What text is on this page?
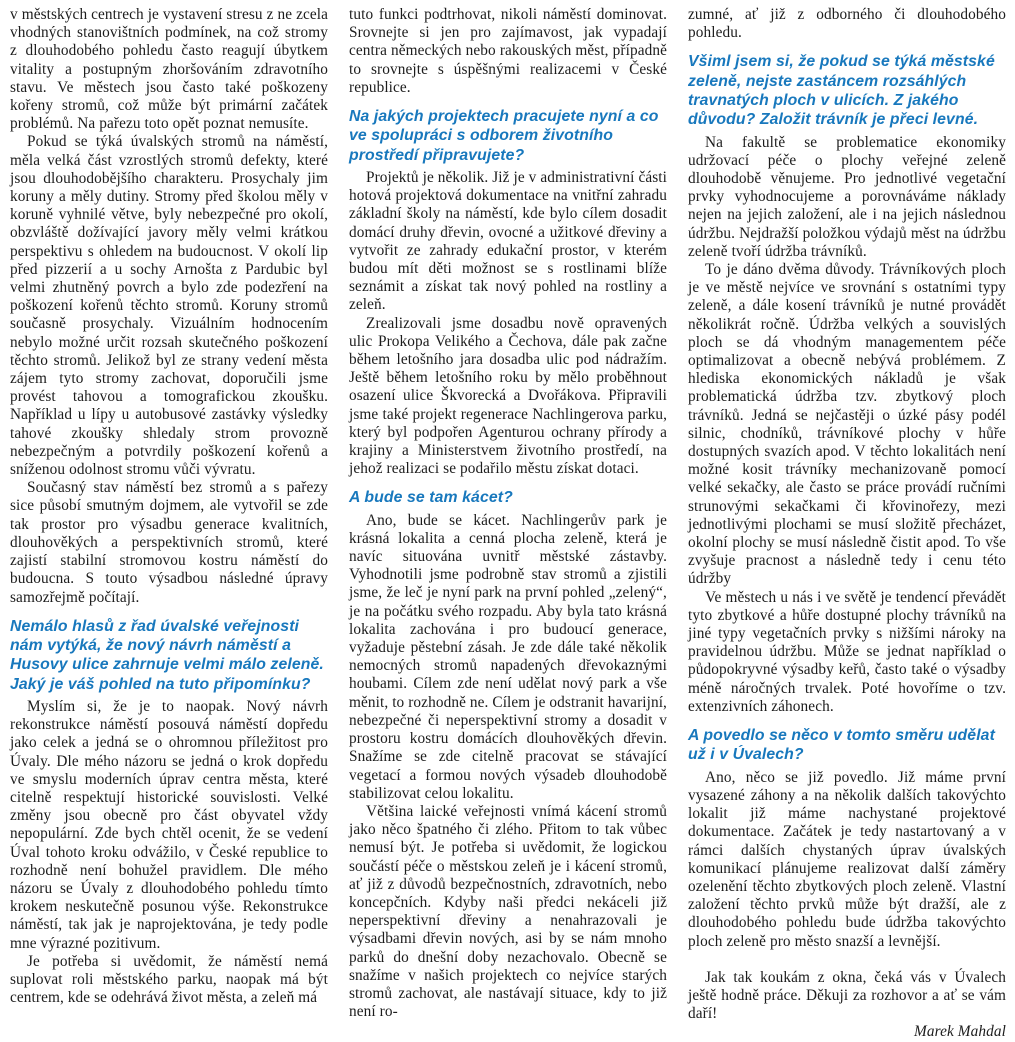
v městských centrech je vystavení stresu z ne zcela vhodných stanovištních podmínek, na což stromy z dlouhodobého pohledu často reagují úbytkem vitality a postupným zhoršováním zdravotního stavu. Ve městech jsou často také poškozeny kořeny stromů, což může být primární začátek problémů. Na pařezu toto opět poznat nemusíte.

Pokud se týká úvalských stromů na náměstí, měla velká část vzrostlých stromů defekty, které jsou dlouhodobějšího charakteru. Prosychaly jim koruny a měly dutiny. Stromy před školou měly v koruně vyhnilé větve, byly nebezpečné pro okolí, obzvláště dožívající javory měly velmi krátkou perspektivu s ohledem na budoucnost. V okolí lip před pizzerií a u sochy Arnošta z Pardubic byl velmi zhutněný povrch a bylo zde podezření na poškození kořenů těchto stromů. Koruny stromů současně prosychaly. Vizuálním hodnocením nebylo možné určit rozsah skutečného poškození těchto stromů. Jelikož byl ze strany vedení města zájem tyto stromy zachovat, doporučili jsme provést tahovou a tomografickou zkoušku. Například u lípy u autobusové zastávky výsledky tahové zkoušky shledaly strom provozně nebezpečným a potvrdily poškození kořenů a sníženou odolnost stromu vůči vývratu.

Současný stav náměstí bez stromů a s pařezy sice působí smutným dojmem, ale vytvořil se zde tak prostor pro výsadbu generace kvalitních, dlouhověkých a perspektivních stromů, které zajistí stabilní stromovou kostru náměstí do budoucna. S touto výsadbou následné úpravy samozřejmě počítají.

Nemálo hlasů z řad úvalské veřejnosti nám vytýká, že nový návrh náměstí a Husovy ulice zahrnuje velmi málo zeleně. Jaký je váš pohled na tuto připomínku?

Myslím si, že je to naopak. Nový návrh rekonstrukce náměstí posouvá náměstí dopředu jako celek a jedná se o ohromnou příležitost pro Úvaly. Dle mého názoru se jedná o krok dopředu ve smyslu moderních úprav centra města, které citelně respektují historické souvislosti. Velké změny jsou obecně pro část obyvatel vždy nepopulární. Zde bych chtěl ocenit, že se vedení Úval tohoto kroku odvážilo, v České republice to rozhodně není bohužel pravidlem. Dle mého názoru se Úvaly z dlouhodobého pohledu tímto krokem neskutečně posunou výše. Rekonstrukce náměstí, tak jak je naprojektována, je tedy podle mne výrazné pozitivum.

Je potřeba si uvědomit, že náměstí nemá suplovat roli městského parku, naopak má být centrem, kde se odehrává život města, a zeleň má

tuto funkci podtrhovat, nikoli náměstí dominovat. Srovnejte si jen pro zajímavost, jak vypadají centra německých nebo rakouských měst, případně to srovnejte s úspěšnými realizacemi v České republice.

Na jakých projektech pracujete nyní a co ve spolupráci s odborem životního prostředí připravujete?

Projektů je několik. Již je v administrativní části hotová projektová dokumentace na vnitřní zahradu základní školy na náměstí, kde bylo cílem dosadit domácí druhy dřevin, ovocné a užitkové dřeviny a vytvořit ze zahrady edukační prostor, v kterém budou mít děti možnost se s rostlinami blíže seznámit a získat tak nový pohled na rostliny a zeleň.

Zrealizovali jsme dosadbu nově opravených ulic Prokopa Velikého a Čechova, dále pak začne během letošního jara dosadba ulic pod nádražím. Ještě během letošního roku by mělo proběhnout osazení ulice Škvorecká a Dvořákova. Připravili jsme také projekt regenerace Nachlingerova parku, který byl podpořen Agenturou ochrany přírody a krajiny a Ministerstvem životního prostředí, na jehož realizaci se podařilo městu získat dotaci.

A bude se tam kácet?

Ano, bude se kácet. Nachlingerův park je krásná lokalita a cenná plocha zeleně, která je navíc situována uvnitř městské zástavby. Vyhodnotili jsme podrobně stav stromů a zjistili jsme, že leč je nyní park na první pohled „zelený“, je na počátku svého rozpadu. Aby byla tato krásná lokalita zachována i pro budoucí generace, vyžaduje pěstební zásah. Je zde dále také několik nemocných stromů napadených dřevokaznými houbami. Cílem zde není udělat nový park a vše měnit, to rozhodně ne. Cílem je odstranit havarijní, nebezpečné či neperspektivní stromy a dosadit v prostoru kostru domácích dlouhověkých dřevin. Snažíme se zde citelně pracovat se stávající vegetací a formou nových výsadeb dlouhodobě stabilizovat celou lokalitu.

Většina laické veřejnosti vnímá kácení stromů jako něco špatného či zlého. Přitom to tak vůbec nemusí být. Je potřeba si uvědomit, že logickou součástí péče o městskou zeleň je i kácení stromů, ať již z důvodů bezpečnostních, zdravotních, nebo koncepčních. Kdyby naši předci nekáceli již neperspektivní dřeviny a nenahrazovali je výsadbami dřevin nových, asi by se nám mnoho parků do dnešní doby nezachovalo. Obecně se snažíme v našich projektech co nejvíce starých stromů zachovat, ale nastávají situace, kdy to již není ro-

zumné, ať již z odborného či dlouhodobého pohledu.

Všiml jsem si, že pokud se týká městské zeleně, nejste zastáncem rozsáhlých travnatých ploch v ulicích. Z jakého důvodu? Založit trávník je přeci levné.

Na fakultě se problematice ekonomiky udržovací péče o plochy veřejné zeleně dlouhodobě věnujeme. Pro jednotlivé vegetační prvky vyhodnocujeme a porovnáváme náklady nejen na jejich založení, ale i na jejich následnou údržbu. Nejdražší položkou výdajů měst na údržbu zeleně tvoří údržba trávníků.

To je dáno dvěma důvody. Trávníkových ploch je ve městě nejvíce ve srovnání s ostatními typy zeleně, a dále kosení trávníků je nutné provádět několikrát ročně. Údržba velkých a souvislých ploch se dá vhodným managementem péče optimalizovat a obecně nebývá problémem. Z hlediska ekonomických nákladů je však problematická údržba tzv. zbytkový ploch trávníků. Jedná se nejčastěji o úzké pásy podél silnic, chodníků, trávníkové plochy v hůře dostupných svazích apod. V těchto lokalitách není možné kosit trávníky mechanizovaně pomocí velké sekačky, ale často se práce provádí ručními strunovými sekačkami či křovinořezy, mezi jednotlivými plochami se musí složitě přecházet, okolní plochy se musí následně čistit apod. To vše zvyšuje pracnost a následně tedy i cenu této údržby

Ve městech u nás i ve světě je tendencí převádět tyto zbytkové a hůře dostupné plochy trávníků na jiné typy vegetačních prvky s nižšími nároky na pravidelnou údržbu. Může se jednat například o půdopokryvné výsadby keřů, často také o výsadby méně náročných trvalek. Poté hovoříme o tzv. extenzivních záhonech.

A povedlo se něco v tomto směru udělat už i v Úvalech?

Ano, něco se již povedlo. Již máme první vysazené záhony a na několik dalších takovýchto lokalit již máme nachystané projektové dokumentace. Začátek je tedy nastartovaný a v rámci dalších chystaných úprav úvalských komunikací plánujeme realizovat další záměry ozelenění těchto zbytkových ploch zeleně. Vlastní založení těchto prvků může být dražší, ale z dlouhodobého pohledu bude údržba takovýchto ploch zeleně pro město snazší a levnější.

Jak tak koukám z okna, čeká vás v Úvalech ještě hodně práce. Děkuji za rozhovor a ať se vám daří!

Marek Mahdal
